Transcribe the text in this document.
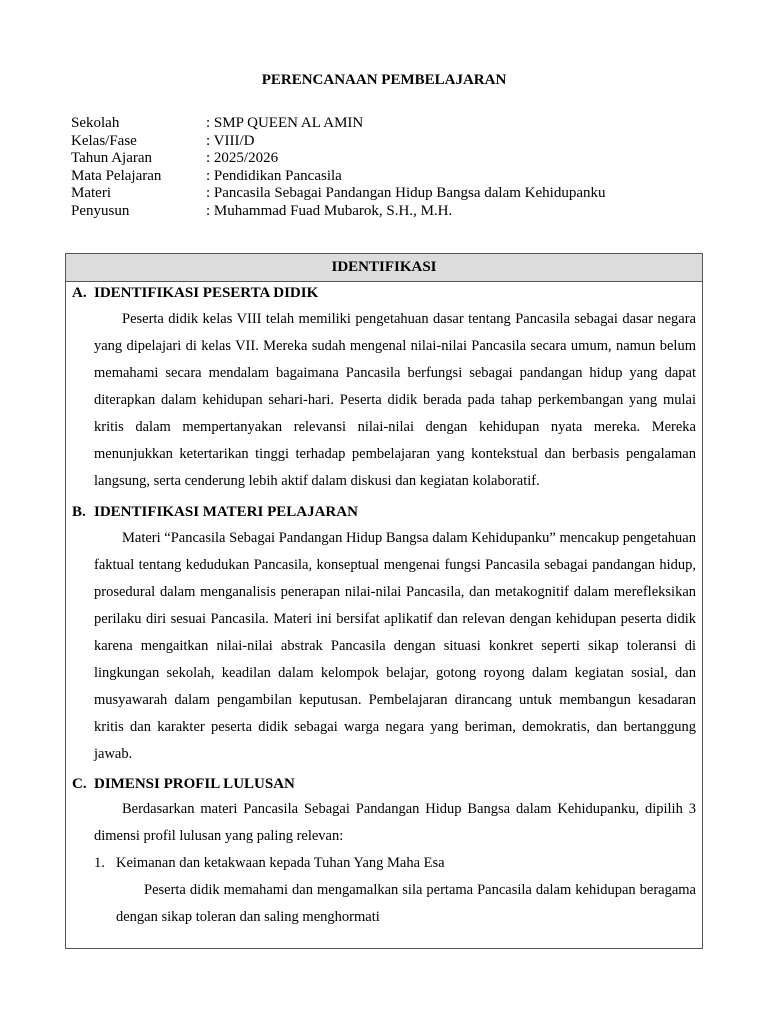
PERENCANAAN PEMBELAJARAN
Sekolah	: SMP QUEEN AL AMIN
Kelas/Fase	: VIII/D
Tahun Ajaran	: 2025/2026
Mata Pelajaran	: Pendidikan Pancasila
Materi	: Pancasila Sebagai Pandangan Hidup Bangsa dalam Kehidupanku
Penyusun	: Muhammad Fuad Mubarok, S.H., M.H.
IDENTIFIKASI
A. IDENTIFIKASI PESERTA DIDIK

Peserta didik kelas VIII telah memiliki pengetahuan dasar tentang Pancasila sebagai dasar negara yang dipelajari di kelas VII. Mereka sudah mengenal nilai-nilai Pancasila secara umum, namun belum memahami secara mendalam bagaimana Pancasila berfungsi sebagai pandangan hidup yang dapat diterapkan dalam kehidupan sehari-hari. Peserta didik berada pada tahap perkembangan yang mulai kritis dalam mempertanyakan relevansi nilai-nilai dengan kehidupan nyata mereka. Mereka menunjukkan ketertarikan tinggi terhadap pembelajaran yang kontekstual dan berbasis pengalaman langsung, serta cenderung lebih aktif dalam diskusi dan kegiatan kolaboratif.

B. IDENTIFIKASI MATERI PELAJARAN

Materi “Pancasila Sebagai Pandangan Hidup Bangsa dalam Kehidupanku” mencakup pengetahuan faktual tentang kedudukan Pancasila, konseptual mengenai fungsi Pancasila sebagai pandangan hidup, prosedural dalam menganalisis penerapan nilai-nilai Pancasila, dan metakognitif dalam merefleksikan perilaku diri sesuai Pancasila. Materi ini bersifat aplikatif dan relevan dengan kehidupan peserta didik karena mengaitkan nilai-nilai abstrak Pancasila dengan situasi konkret seperti sikap toleransi di lingkungan sekolah, keadilan dalam kelompok belajar, gotong royong dalam kegiatan sosial, dan musyawarah dalam pengambilan keputusan. Pembelajaran dirancang untuk membangun kesadaran kritis dan karakter peserta didik sebagai warga negara yang beriman, demokratis, dan bertanggung jawab.

C. DIMENSI PROFIL LULUSAN

Berdasarkan materi Pancasila Sebagai Pandangan Hidup Bangsa dalam Kehidupanku, dipilih 3 dimensi profil lulusan yang paling relevan:

1. Keimanan dan ketakwaan kepada Tuhan Yang Maha Esa

Peserta didik memahami dan mengamalkan sila pertama Pancasila dalam kehidupan beragama dengan sikap toleran dan saling menghormati
